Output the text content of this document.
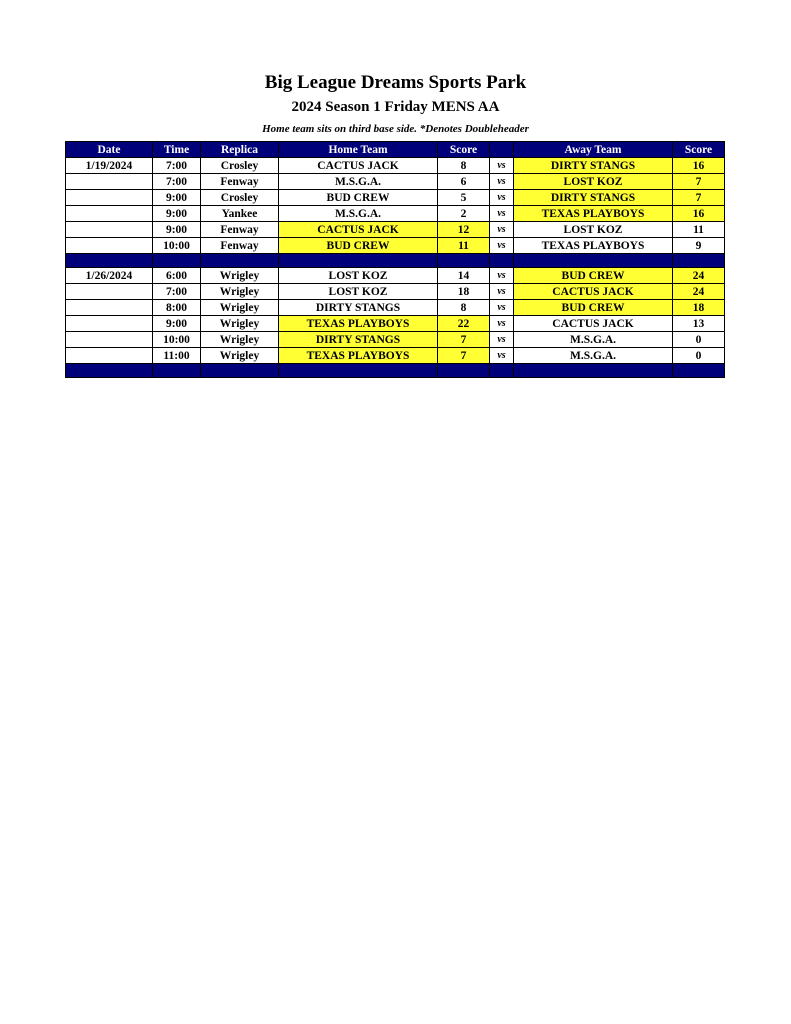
Big League Dreams Sports Park
2024 Season 1 Friday MENS AA
Home team sits on third base side. *Denotes Doubleheader
Date	Time	Replica	Home Team	Score		Away Team	Score
1/19/2024	7:00	Crosley	CACTUS JACK	8	vs	DIRTY STANGS	16
	7:00	Fenway	M.S.G.A.	6	vs	LOST KOZ	7
	9:00	Crosley	BUD CREW	5	vs	DIRTY STANGS	7
	9:00	Yankee	M.S.G.A.	2	vs	TEXAS PLAYBOYS	16
	9:00	Fenway	CACTUS JACK	12	vs	LOST KOZ	11
	10:00	Fenway	BUD CREW	11	vs	TEXAS PLAYBOYS	9

1/26/2024	6:00	Wrigley	LOST KOZ	14	vs	BUD CREW	24
	7:00	Wrigley	LOST KOZ	18	vs	CACTUS JACK	24
	8:00	Wrigley	DIRTY STANGS	8	vs	BUD CREW	18
	9:00	Wrigley	TEXAS PLAYBOYS	22	vs	CACTUS JACK	13
	10:00	Wrigley	DIRTY STANGS	7	vs	M.S.G.A.	0
	11:00	Wrigley	TEXAS PLAYBOYS	7	vs	M.S.G.A.	0
